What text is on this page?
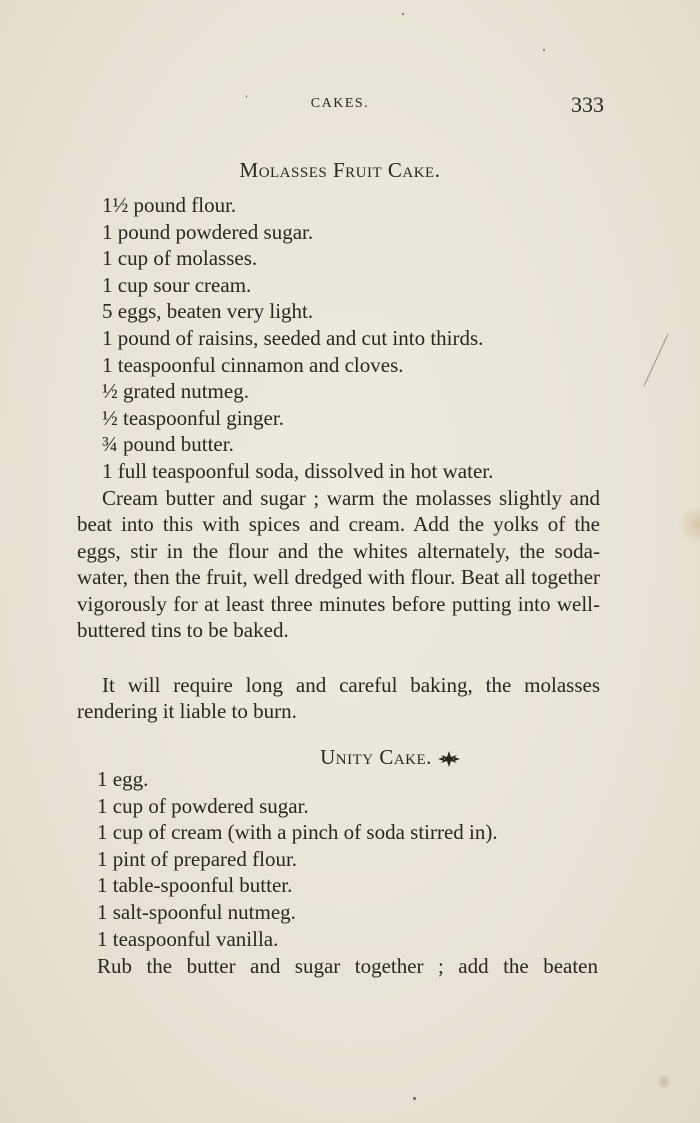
CAKES.	333
Molasses Fruit Cake.
1½ pound flour.
1 pound powdered sugar.
1 cup of molasses.
1 cup sour cream.
5 eggs, beaten very light.
1 pound of raisins, seeded and cut into thirds.
1 teaspoonful cinnamon and cloves.
½ grated nutmeg.
½ teaspoonful ginger.
¾ pound butter.
1 full teaspoonful soda, dissolved in hot water.

Cream butter and sugar ; warm the molasses slightly and beat into this with spices and cream. Add the yolks of the eggs, stir in the flour and the whites alternately, the soda-water, then the fruit, well dredged with flour. Beat all together vigorously for at least three minutes before putting into well-buttered tins to be baked.

It will require long and careful baking, the molasses rendering it liable to burn.

Unity Cake.
1 egg.
1 cup of powdered sugar.
1 cup of cream (with a pinch of soda stirred in).
1 pint of prepared flour.
1 table-spoonful butter.
1 salt-spoonful nutmeg.
1 teaspoonful vanilla.

Rub the butter and sugar together ; add the beaten
